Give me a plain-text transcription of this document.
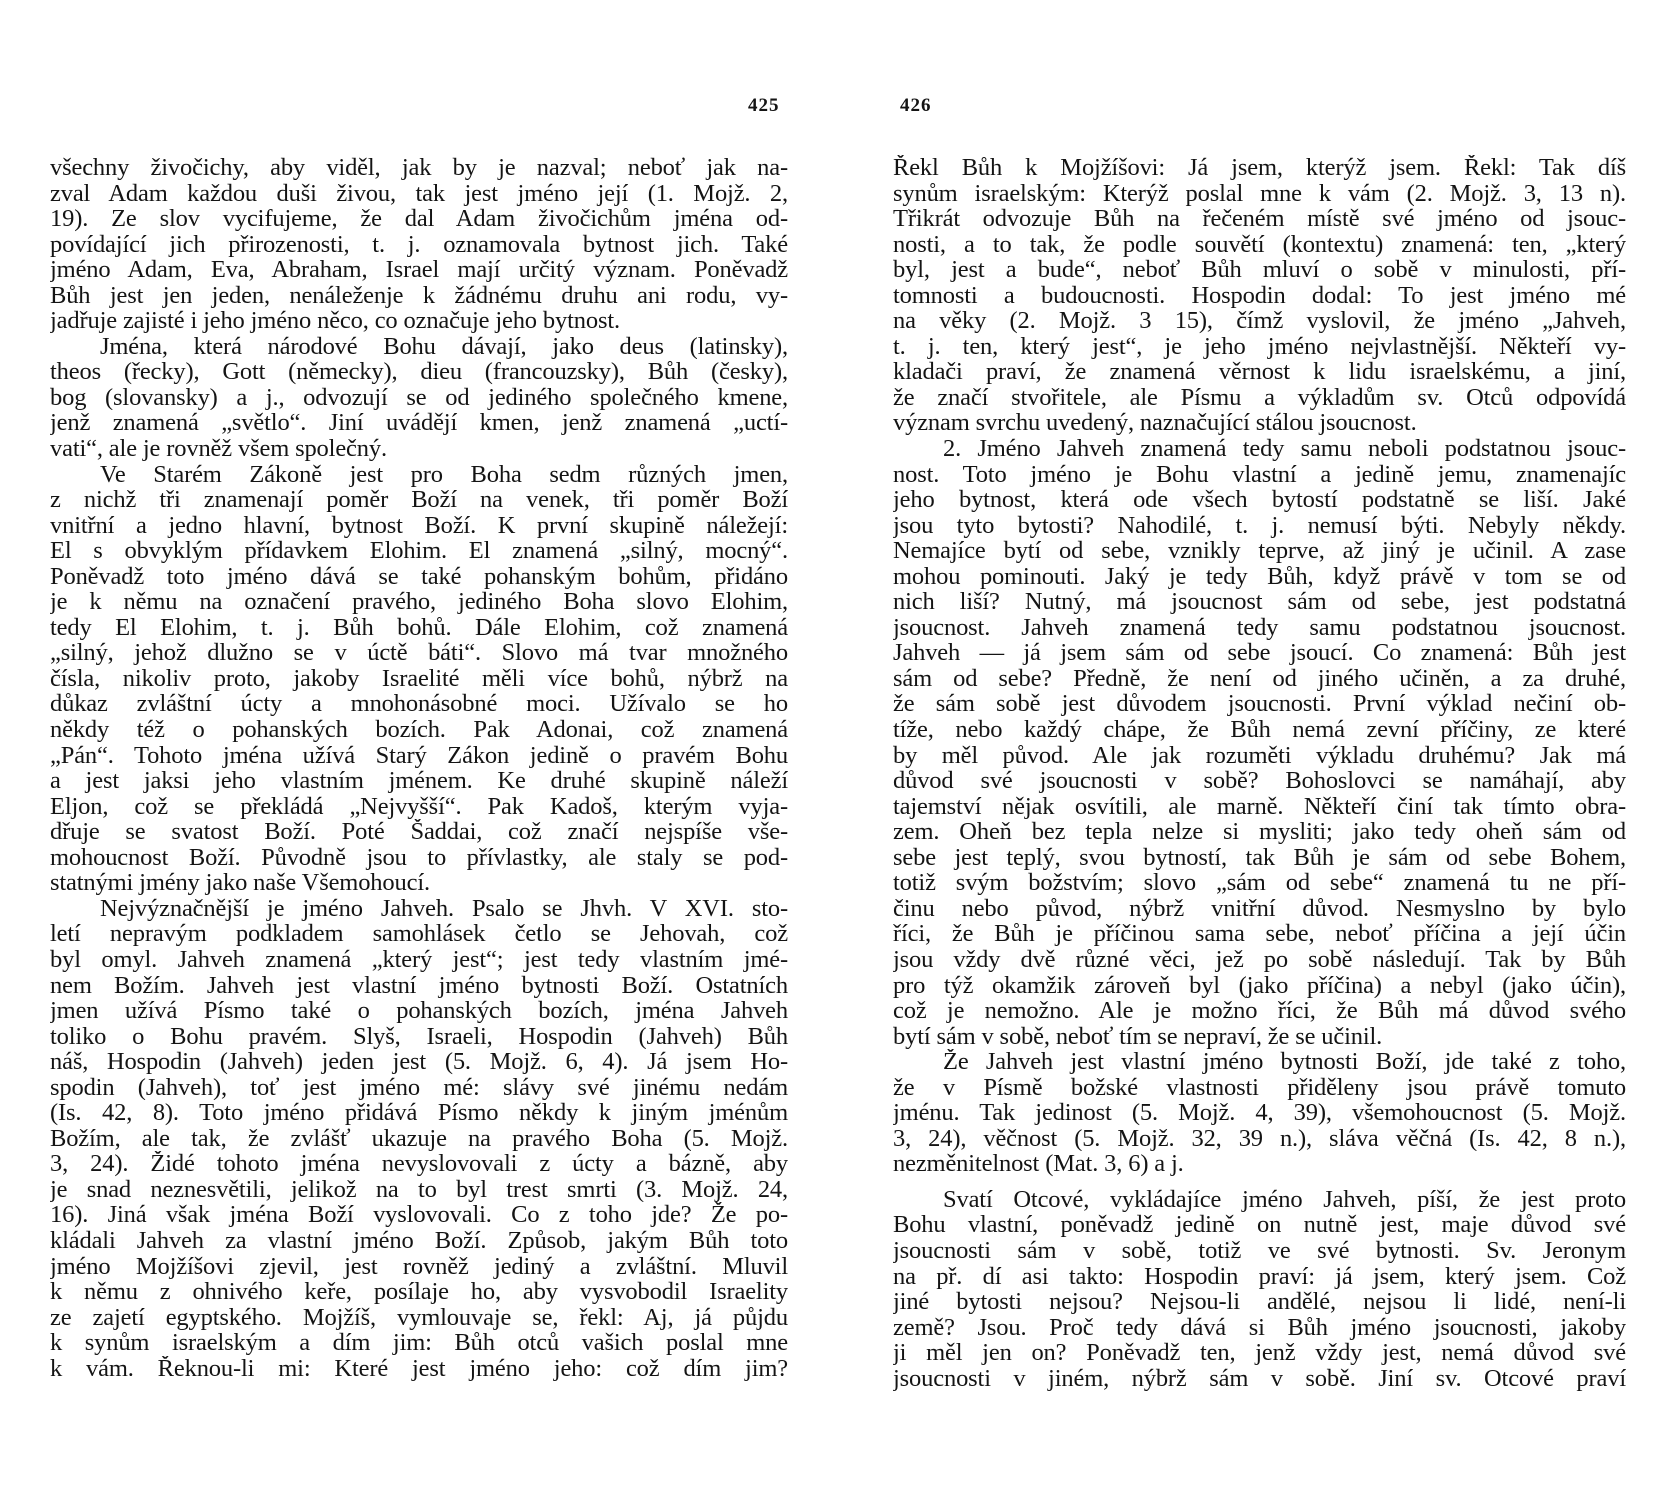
425
všechny živočichy, aby viděl, jak by je nazval; neboť jak na-
zval Adam každou duši živou, tak jest jméno její (1. Mojž. 2,
19). Ze slov vycifujeme, že dal Adam živočichům jména od-
povídající jich přirozenosti, t. j. oznamovala bytnost jich. Také
jméno Adam, Eva, Abraham, Israel mají určitý význam. Poněvadž
Bůh jest jen jeden, nenáleženje k žádnému druhu ani rodu, vy-
jadřuje zajisté i jeho jméno něco, co označuje jeho bytnost.
Jména, která národové Bohu dávají, jako deus (latinsky),
theos (řecky), Gott (německy), dieu (francouzsky), Bůh (česky),
bog (slovansky) a j., odvozují se od jediného společného kmene,
jenž znamená „světlo“. Jiní uvádějí kmen, jenž znamená „uctí-
vati“, ale je rovněž všem společný.
Ve Starém Zákoně jest pro Boha sedm různých jmen,
z nichž tři znamenají poměr Boží na venek, tři poměr Boží
vnitřní a jedno hlavní, bytnost Boží. K první skupině náležejí:
El s obvyklým přídavkem Elohim. El znamená „silný, mocný“.
Poněvadž toto jméno dává se také pohanským bohům, přidáno
je k němu na označení pravého, jediného Boha slovo Elohim,
tedy El Elohim, t. j. Bůh bohů. Dále Elohim, což znamená
„silný, jehož dlužno se v úctě báti“. Slovo má tvar množného
čísla, nikoliv proto, jakoby Israelité měli více bohů, nýbrž na
důkaz zvláštní úcty a mnohonásobné moci. Užívalo se ho
někdy též o pohanských bozích. Pak Adonai, což znamená
„Pán“. Tohoto jména užívá Starý Zákon jedině o pravém Bohu
a jest jaksi jeho vlastním jménem. Ke druhé skupině náleží
Eljon, což se překládá „Nejvyšší“. Pak Kadoš, kterým vyja-
dřuje se svatost Boží. Poté Šaddai, což značí nejspíše vše-
mohoucnost Boží. Původně jsou to přívlastky, ale staly se pod-
statnými jmény jako naše Všemohoucí.
Nejvýznačnější je jméno Jahveh. Psalo se Jhvh. V XVI. sto-
letí nepravým podkladem samohlásek četlo se Jehovah, což
byl omyl. Jahveh znamená „který jest“; jest tedy vlastním jmé-
nem Božím. Jahveh jest vlastní jméno bytnosti Boží. Ostatních
jmen užívá Písmo také o pohanských bozích, jména Jahveh
toliko o Bohu pravém. Slyš, Israeli, Hospodin (Jahveh) Bůh
náš, Hospodin (Jahveh) jeden jest (5. Mojž. 6, 4). Já jsem Ho-
spodin (Jahveh), toť jest jméno mé: slávy své jinému nedám
(Is. 42, 8). Toto jméno přidává Písmo někdy k jiným jménům
Božím, ale tak, že zvlášť ukazuje na pravého Boha (5. Mojž.
3, 24). Židé tohoto jména nevyslovovali z úcty a bázně, aby
je snad neznesvětili, jelikož na to byl trest smrti (3. Mojž. 24,
16). Jiná však jména Boží vyslovovali. Co z toho jde? Že po-
kládali Jahveh za vlastní jméno Boží. Způsob, jakým Bůh toto
jméno Mojžíšovi zjevil, jest rovněž jediný a zvláštní. Mluvil
k němu z ohnivého keře, posílaje ho, aby vysvobodil Israelity
ze zajetí egyptského. Mojžíš, vymlouvaje se, řekl: Aj, já půjdu
k synům israelským a dím jim: Bůh otců vašich poslal mne
k vám. Řeknou-li mi: Které jest jméno jeho: což dím jim?
426
Řekl Bůh k Mojžíšovi: Já jsem, kterýž jsem. Řekl: Tak díš
synům israelským: Kterýž poslal mne k vám (2. Mojž. 3, 13 n).
Třikrát odvozuje Bůh na řečeném místě své jméno od jsouc-
nosti, a to tak, že podle souvětí (kontextu) znamená: ten, „který
byl, jest a bude“, neboť Bůh mluví o sobě v minulosti, pří-
tomnosti a budoucnosti. Hospodin dodal: To jest jméno mé
na věky (2. Mojž. 3 15), čímž vyslovil, že jméno „Jahveh,
t. j. ten, který jest“, je jeho jméno nejvlastnější. Někteří vy-
kladači praví, že znamená věrnost k lidu israelskému, a jiní,
že značí stvořitele, ale Písmu a výkladům sv. Otců odpovídá
význam svrchu uvedený, naznačující stálou jsoucnost.
2. Jméno Jahveh znamená tedy samu neboli podstatnou jsouc-
nost. Toto jméno je Bohu vlastní a jedině jemu, znamenajíc
jeho bytnost, která ode všech bytostí podstatně se liší. Jaké
jsou tyto bytosti? Nahodilé, t. j. nemusí býti. Nebyly někdy.
Nemajíce bytí od sebe, vznikly teprve, až jiný je učinil. A zase
mohou pominouti. Jaký je tedy Bůh, když právě v tom se od
nich liší? Nutný, má jsoucnost sám od sebe, jest podstatná
jsoucnost. Jahveh znamená tedy samu podstatnou jsoucnost.
Jahveh — já jsem sám od sebe jsoucí. Co znamená: Bůh jest
sám od sebe? Předně, že není od jiného učiněn, a za druhé,
že sám sobě jest důvodem jsoucnosti. První výklad nečiní ob-
tíže, nebo každý chápe, že Bůh nemá zevní příčiny, ze které
by měl původ. Ale jak rozuměti výkladu druhému? Jak má
důvod své jsoucnosti v sobě? Bohoslovci se namáhají, aby
tajemství nějak osvítili, ale marně. Někteří činí tak tímto obra-
zem. Oheň bez tepla nelze si mysliti; jako tedy oheň sám od
sebe jest teplý, svou bytností, tak Bůh je sám od sebe Bohem,
totiž svým božstvím; slovo „sám od sebe“ znamená tu ne pří-
činu nebo původ, nýbrž vnitřní důvod. Nesmyslno by bylo
říci, že Bůh je příčinou sama sebe, neboť příčina a její účin
jsou vždy dvě různé věci, jež po sobě následují. Tak by Bůh
pro týž okamžik zároveň byl (jako příčina) a nebyl (jako účin),
což je nemožno. Ale je možno říci, že Bůh má důvod svého
bytí sám v sobě, neboť tím se nepraví, že se učinil.
Že Jahveh jest vlastní jméno bytnosti Boží, jde také z toho,
že v Písmě božské vlastnosti přiděleny jsou právě tomuto
jménu. Tak jedinost (5. Mojž. 4, 39), všemohoucnost (5. Mojž.
3, 24), věčnost (5. Mojž. 32, 39 n.), sláva věčná (Is. 42, 8 n.),
nezměnitelnost (Mat. 3, 6) a j.
Svatí Otcové, vykládajíce jméno Jahveh, píší, že jest proto
Bohu vlastní, poněvadž jedině on nutně jest, maje důvod své
jsoucnosti sám v sobě, totiž ve své bytnosti. Sv. Jeronym
na př. dí asi takto: Hospodin praví: já jsem, který jsem. Což
jiné bytosti nejsou? Nejsou-li andělé, nejsou li lidé, není-li
země? Jsou. Proč tedy dává si Bůh jméno jsoucnosti, jakoby
ji měl jen on? Poněvadž ten, jenž vždy jest, nemá důvod své
jsoucnosti v jiném, nýbrž sám v sobě. Jiní sv. Otcové praví
